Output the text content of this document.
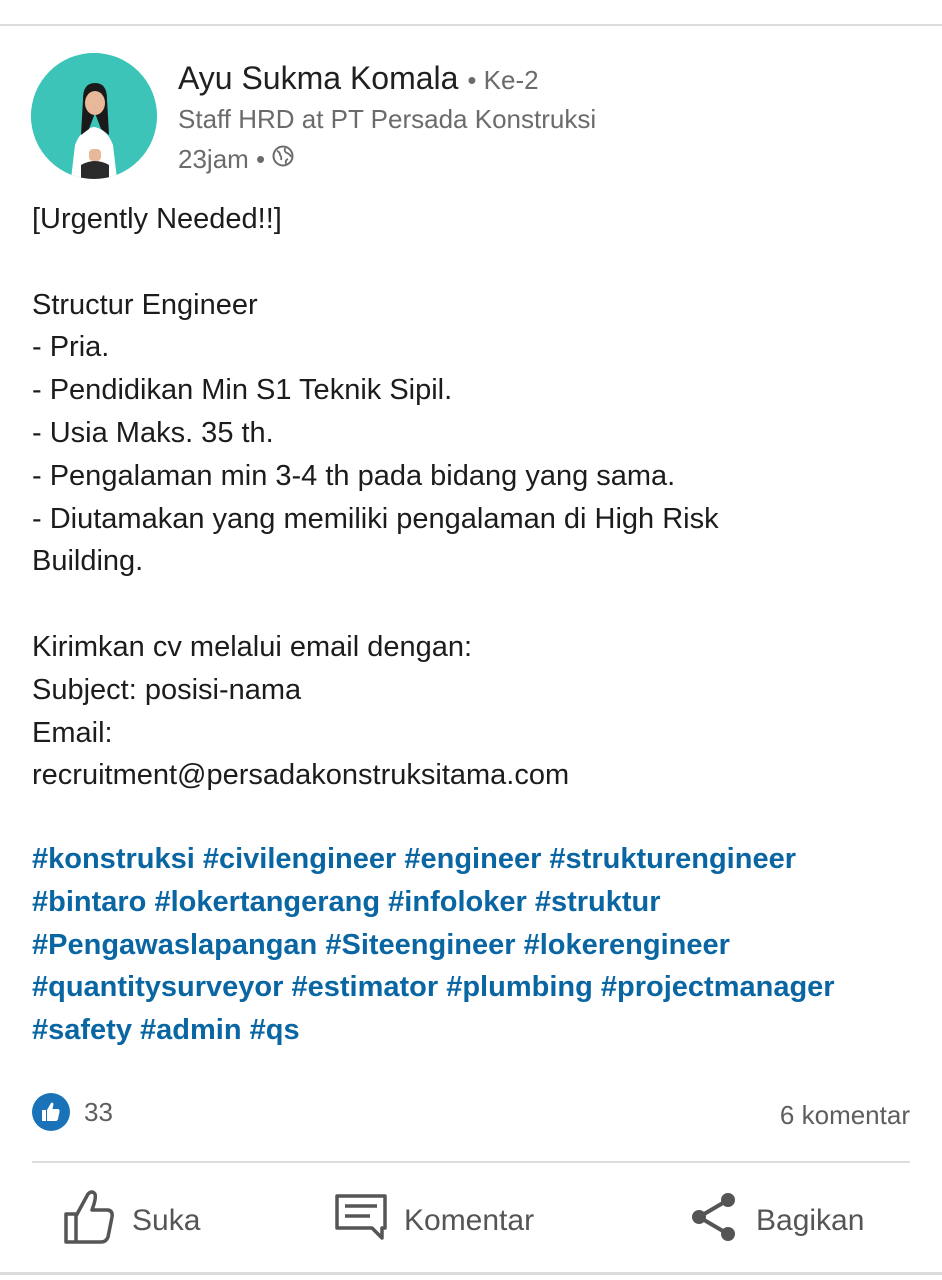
Ayu Sukma Komala • Ke-2
Staff HRD at PT Persada Konstruksi
23jam •
[Urgently Needed!!]
Structur Engineer
- Pria.
- Pendidikan Min S1 Teknik Sipil.
- Usia Maks. 35 th.
- Pengalaman min 3-4 th pada bidang yang sama.
- Diutamakan yang memiliki pengalaman di High Risk
Building.
Kirimkan cv melalui email dengan:
Subject: posisi-nama
Email:
recruitment@persadakonstruksitama.com
#konstruksi #civilengineer #engineer #strukturengineer
#bintaro #lokertangerang #infoloker #struktur
#Pengawaslapangan #Siteengineer #lokerengineer
#quantitysurveyor #estimator #plumbing #projectmanager
#safety #admin #qs
33	6 komentar
Suka	Komentar	Bagikan
